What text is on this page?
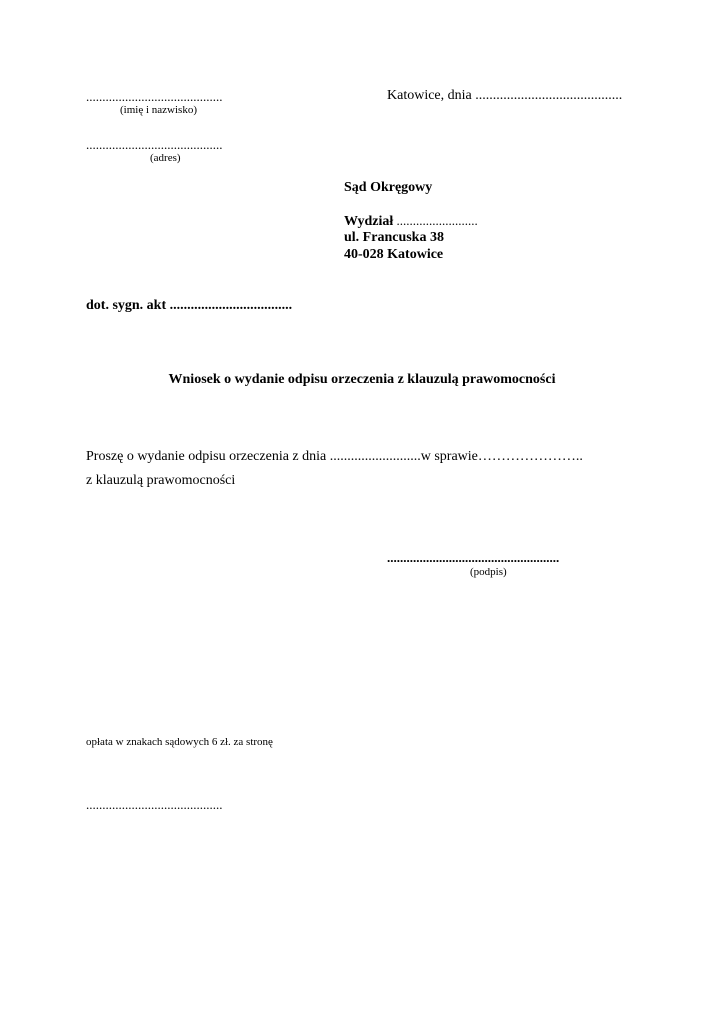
..........................................
(imię i nazwisko)
..........................................
(adres)
Katowice, dnia ..........................................
Sąd Okręgowy
Wydział .........................
ul. Francuska 38
40-028 Katowice
dot. sygn. akt ...................................
Wniosek o wydanie odpisu orzeczenia z klauzulą prawomocności
Proszę o wydanie odpisu orzeczenia z dnia ..........................w sprawie…………………..
z klauzulą prawomocności
.....................................................
(podpis)
opłata w znakach sądowych 6 zł. za stronę
..........................................
